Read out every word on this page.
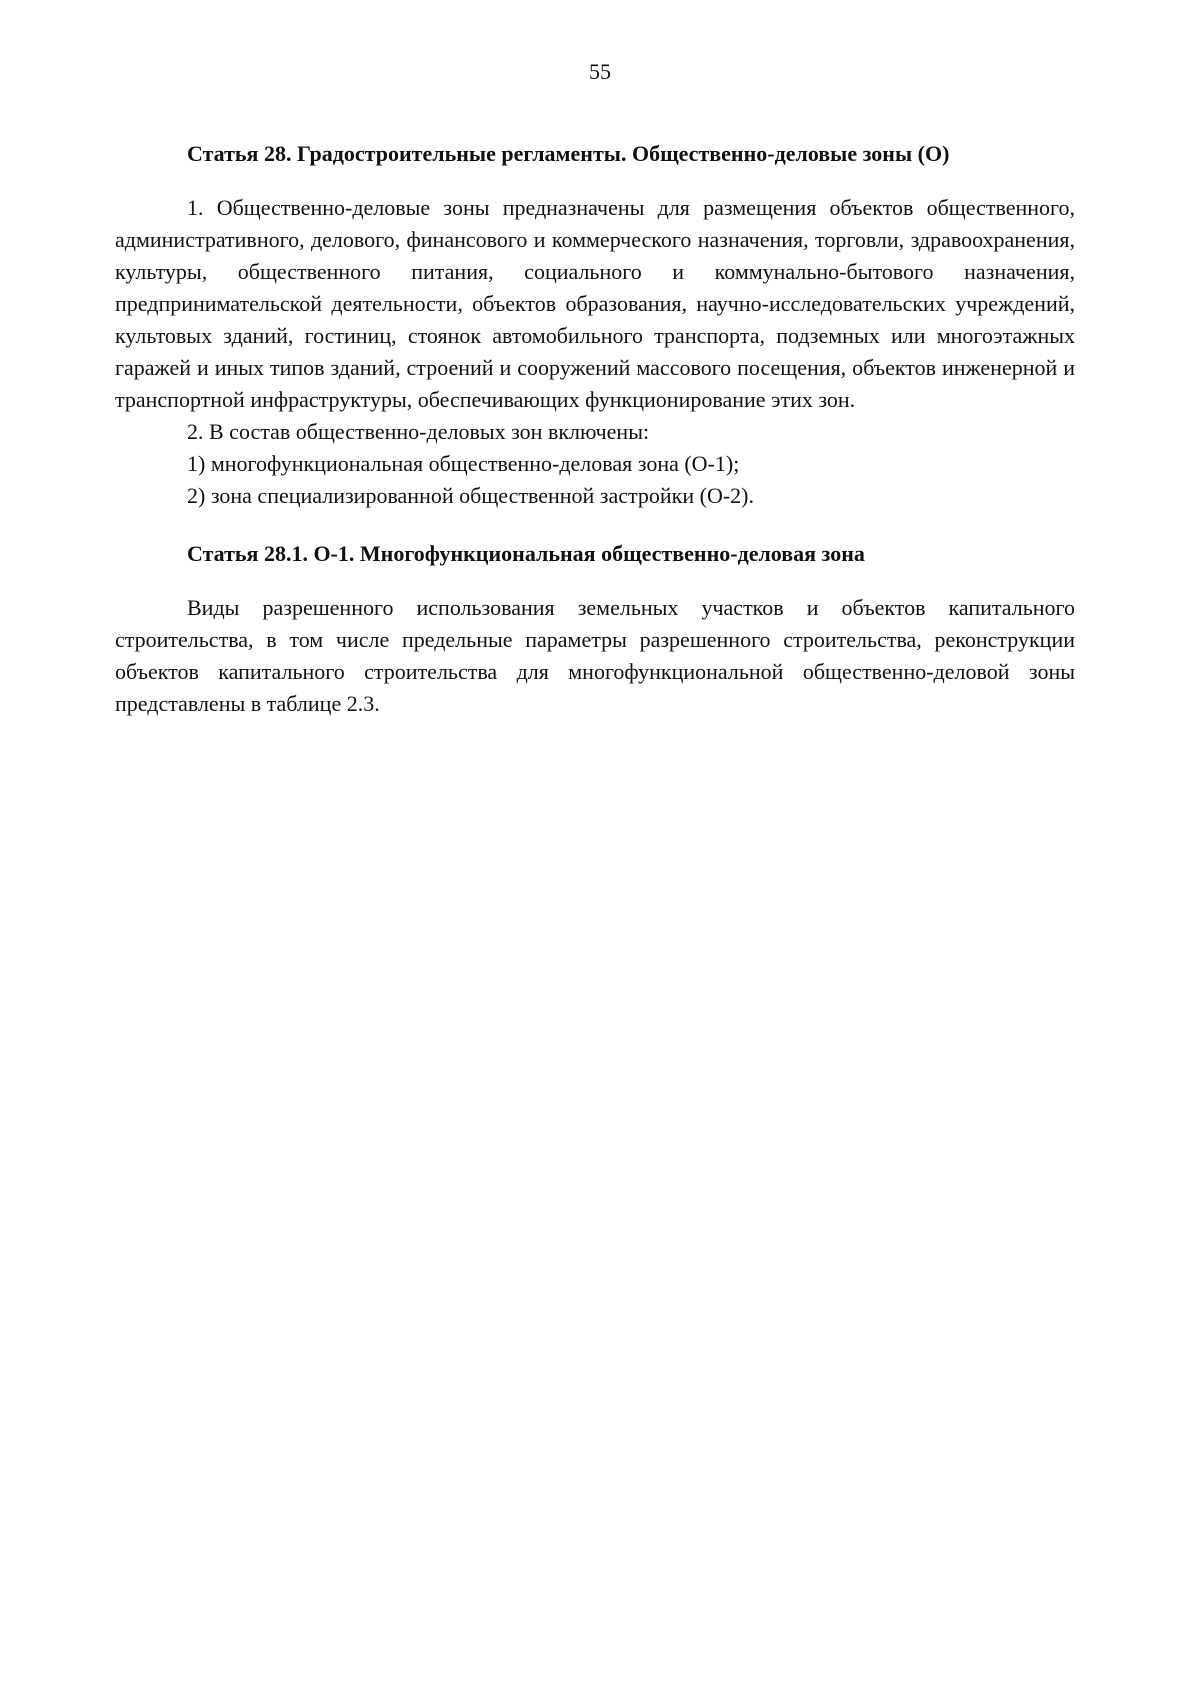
55
Статья 28. Градостроительные регламенты. Общественно-деловые зоны (О)

1. Общественно-деловые зоны предназначены для размещения объектов общественного, административного, делового, финансового и коммерческого назначения, торговли, здравоохранения, культуры, общественного питания, социального и коммунально-бытового назначения, предпринимательской деятельности, объектов образования, научно-исследовательских учреждений, культовых зданий, гостиниц, стоянок автомобильного транспорта, подземных или многоэтажных гаражей и иных типов зданий, строений и сооружений массового посещения, объектов инженерной и транспортной инфраструктуры, обеспечивающих функционирование этих зон.

2. В состав общественно-деловых зон включены:

1) многофункциональная общественно-деловая зона (О-1);

2) зона специализированной общественной застройки (О-2).

Статья 28.1. О-1. Многофункциональная общественно-деловая зона

Виды разрешенного использования земельных участков и объектов капитального строительства, в том числе предельные параметры разрешенного строительства, реконструкции объектов капитального строительства для многофункциональной общественно-деловой зоны представлены в таблице 2.3.
